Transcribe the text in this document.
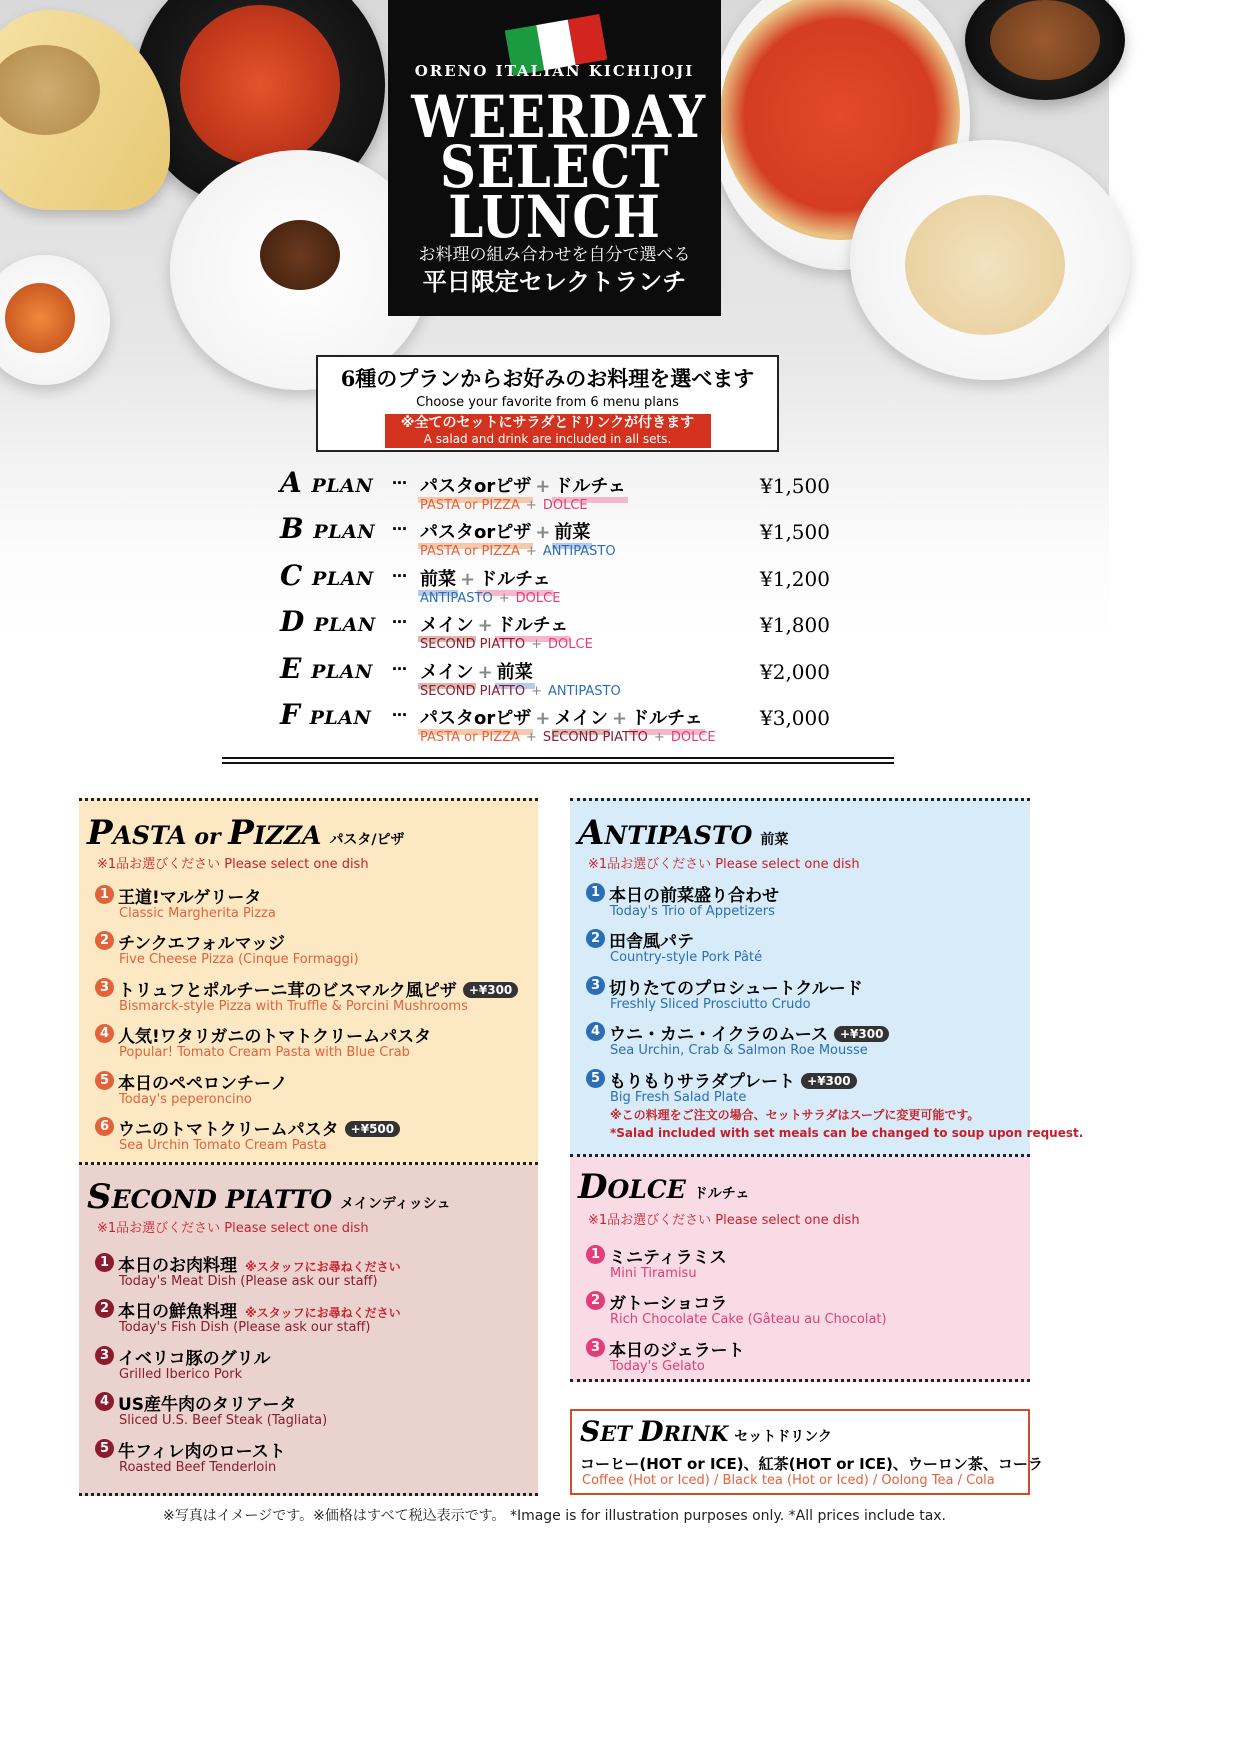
ORENO ITALIAN KICHIJOJI
WEERDAY
SELECT
LUNCH
お料理の組み合わせを自分で選べる
平日限定セレクトランチ
6種のプランからお好みのお料理を選べます
Choose your favorite from 6 menu plans
※全てのセットにサラダとドリンクが付きます
A salad and drink are included in all sets.
A PLAN … パスタorピザ + ドルチェ
PASTA or PIZZA + DOLCE
¥1,500
B PLAN … パスタorピザ + 前菜
PASTA or PIZZA + ANTIPASTO
¥1,500
C PLAN … 前菜 + ドルチェ
ANTIPASTO + DOLCE
¥1,200
D PLAN … メイン + ドルチェ
SECOND PIATTO + DOLCE
¥1,800
E PLAN … メイン + 前菜
SECOND PIATTO + ANTIPASTO
¥2,000
F PLAN … パスタorピザ + メイン + ドルチェ
PASTA or PIZZA + SECOND PIATTO + DOLCE
¥3,000
PASTA or PIZZA パスタ/ピザ
※1品お選びください Please select one dish
1 王道!マルゲリータ
Classic Margherita Pizza
2 チンクエフォルマッジ
Five Cheese Pizza (Cinque Formaggi)
3 トリュフとポルチーニ茸のビスマルク風ピザ +¥300
Bismarck-style Pizza with Truffle & Porcini Mushrooms
4 人気!ワタリガニのトマトクリームパスタ
Popular! Tomato Cream Pasta with Blue Crab
5 本日のペペロンチーノ
Today's peperoncino
6 ウニのトマトクリームパスタ +¥500
Sea Urchin Tomato Cream Pasta
SECOND PIATTO メインディッシュ
※1品お選びください Please select one dish
1 本日のお肉料理 ※スタッフにお尋ねください
Today's Meat Dish (Please ask our staff)
2 本日の鮮魚料理 ※スタッフにお尋ねください
Today's Fish Dish (Please ask our staff)
3 イベリコ豚のグリル
Grilled Iberico Pork
4 US産牛肉のタリアータ
Sliced U.S. Beef Steak (Tagliata)
5 牛フィレ肉のロースト
Roasted Beef Tenderloin
ANTIPASTO 前菜
※1品お選びください Please select one dish
1 本日の前菜盛り合わせ
Today's Trio of Appetizers
2 田舎風パテ
Country-style Pork Pâté
3 切りたてのプロシュートクルード
Freshly Sliced Prosciutto Crudo
4 ウニ・カニ・イクラのムース +¥300
Sea Urchin, Crab & Salmon Roe Mousse
5 もりもりサラダプレート +¥300
Big Fresh Salad Plate
※この料理をご注文の場合、セットサラダはスープに変更可能です。
*Salad included with set meals can be changed to soup upon request.
DOLCE ドルチェ
※1品お選びください Please select one dish
1 ミニティラミス
Mini Tiramisu
2 ガトーショコラ
Rich Chocolate Cake (Gâteau au Chocolat)
3 本日のジェラート
Today's Gelato
SET DRINK セットドリンク
コーヒー(HOT or ICE)、紅茶(HOT or ICE)、ウーロン茶、コーラ
Coffee (Hot or Iced) / Black tea (Hot or Iced) / Oolong Tea / Cola
※写真はイメージです。※価格はすべて税込表示です。 *Image is for illustration purposes only. *All prices include tax.
